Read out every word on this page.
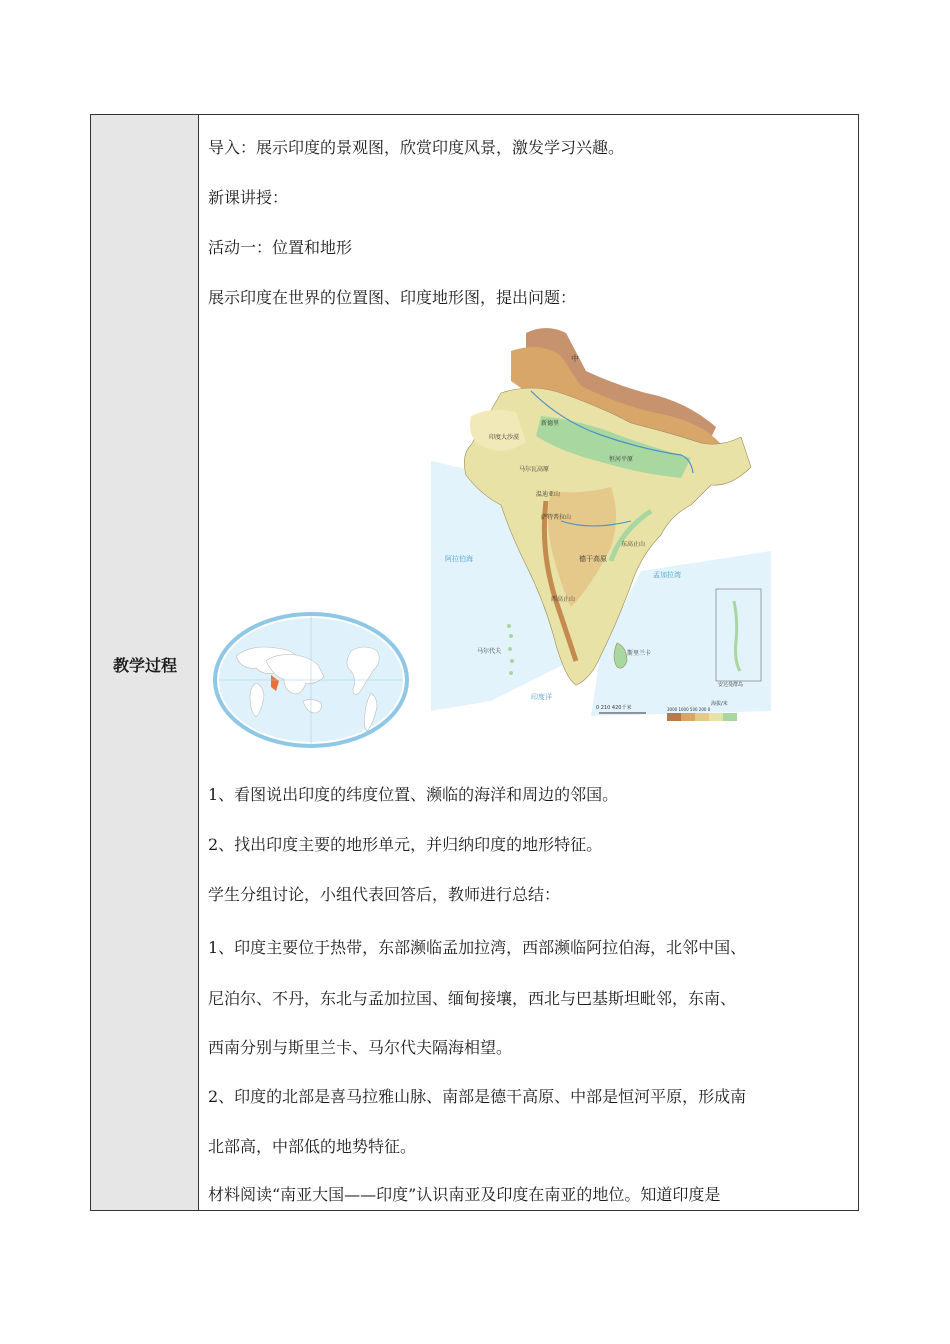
教学过程
导入：展示印度的景观图，欣赏印度风景，激发学习兴趣。
新课讲授：
活动一：位置和地形
展示印度在世界的位置图、印度地形图，提出问题：
中
印度大沙漠
新德里
马尔瓦高原
恒河平原
温迪亚山
萨特普拉山
德干高原
西高止山
东高止山
阿拉伯海
孟加拉湾
印度洋
斯里兰卡
马尔代夫
安达曼群岛
0 210 420千米
海拔/米
3000 1000 500 200 0
1、看图说出印度的纬度位置、濒临的海洋和周边的邻国。
2、找出印度主要的地形单元，并归纳印度的地形特征。
学生分组讨论，小组代表回答后，教师进行总结：
1、印度主要位于热带，东部濒临孟加拉湾，西部濒临阿拉伯海，北邻中国、
尼泊尔、不丹，东北与孟加拉国、缅甸接壤，西北与巴基斯坦毗邻，东南、
西南分别与斯里兰卡、马尔代夫隔海相望。
2、印度的北部是喜马拉雅山脉、南部是德干高原、中部是恒河平原，形成南
北部高，中部低的地势特征。
材料阅读“南亚大国——印度”认识南亚及印度在南亚的地位。知道印度是
